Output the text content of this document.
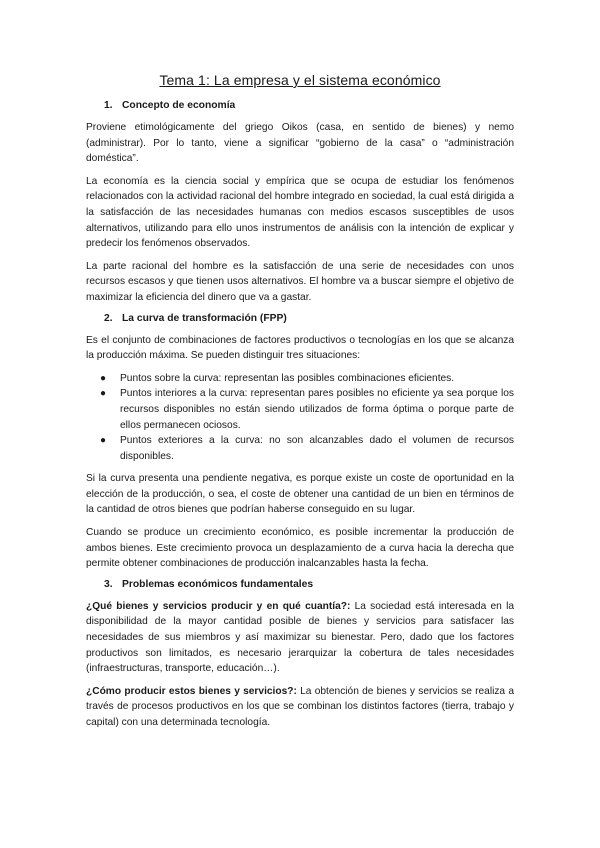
Tema 1: La empresa y el sistema económico
1. Concepto de economía

Proviene etimológicamente del griego Oikos (casa, en sentido de bienes) y nemo (administrar). Por lo tanto, viene a significar “gobierno de la casa” o “administración doméstica”.

La economía es la ciencia social y empírica que se ocupa de estudiar los fenómenos relacionados con la actividad racional del hombre integrado en sociedad, la cual está dirigida a la satisfacción de las necesidades humanas con medios escasos susceptibles de usos alternativos, utilizando para ello unos instrumentos de análisis con la intención de explicar y predecir los fenómenos observados.

La parte racional del hombre es la satisfacción de una serie de necesidades con unos recursos escasos y que tienen usos alternativos. El hombre va a buscar siempre el objetivo de maximizar la eficiencia del dinero que va a gastar.

2. La curva de transformación (FPP)

Es el conjunto de combinaciones de factores productivos o tecnologías en los que se alcanza la producción máxima. Se pueden distinguir tres situaciones:

● Puntos sobre la curva: representan las posibles combinaciones eficientes.
● Puntos interiores a la curva: representan pares posibles no eficiente ya sea porque los recursos disponibles no están siendo utilizados de forma óptima o porque parte de ellos permanecen ociosos.
● Puntos exteriores a la curva: no son alcanzables dado el volumen de recursos disponibles.

Si la curva presenta una pendiente negativa, es porque existe un coste de oportunidad en la elección de la producción, o sea, el coste de obtener una cantidad de un bien en términos de la cantidad de otros bienes que podrían haberse conseguido en su lugar.

Cuando se produce un crecimiento económico, es posible incrementar la producción de ambos bienes. Este crecimiento provoca un desplazamiento de a curva hacia la derecha que permite obtener combinaciones de producción inalcanzables hasta la fecha.

3. Problemas económicos fundamentales

¿Qué bienes y servicios producir y en qué cuantía?: La sociedad está interesada en la disponibilidad de la mayor cantidad posible de bienes y servicios para satisfacer las necesidades de sus miembros y así maximizar su bienestar. Pero, dado que los factores productivos son limitados, es necesario jerarquizar la cobertura de tales necesidades (infraestructuras, transporte, educación…).

¿Cómo producir estos bienes y servicios?: La obtención de bienes y servicios se realiza a través de procesos productivos en los que se combinan los distintos factores (tierra, trabajo y capital) con una determinada tecnología.
